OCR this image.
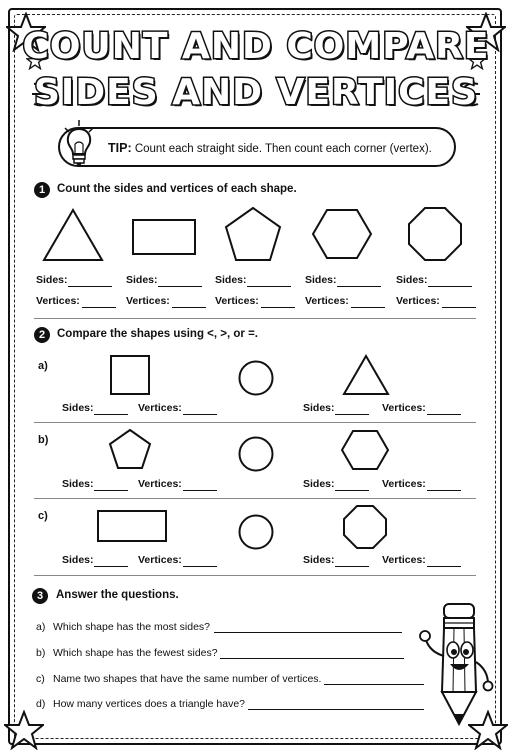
COUNT AND COMPARE
SIDES AND VERTICES
TIP: Count each straight side. Then count each corner (vertex).
1	Count the sides and vertices of each shape.
Sides:	Sides:	Sides:	Sides:	Sides:
Vertices:	Vertices:	Vertices:	Vertices:	Vertices:
2	Compare the shapes using <, >, or =.
a)
Sides:	Vertices:	Sides:	Vertices:
b)
Sides:	Vertices:	Sides:	Vertices:
c)
Sides:	Vertices:	Sides:	Vertices:
3	Answer the questions.
a) Which shape has the most sides?
b) Which shape has the fewest sides?
c) Name two shapes that have the same number of vertices.
d) How many vertices does a triangle have?
